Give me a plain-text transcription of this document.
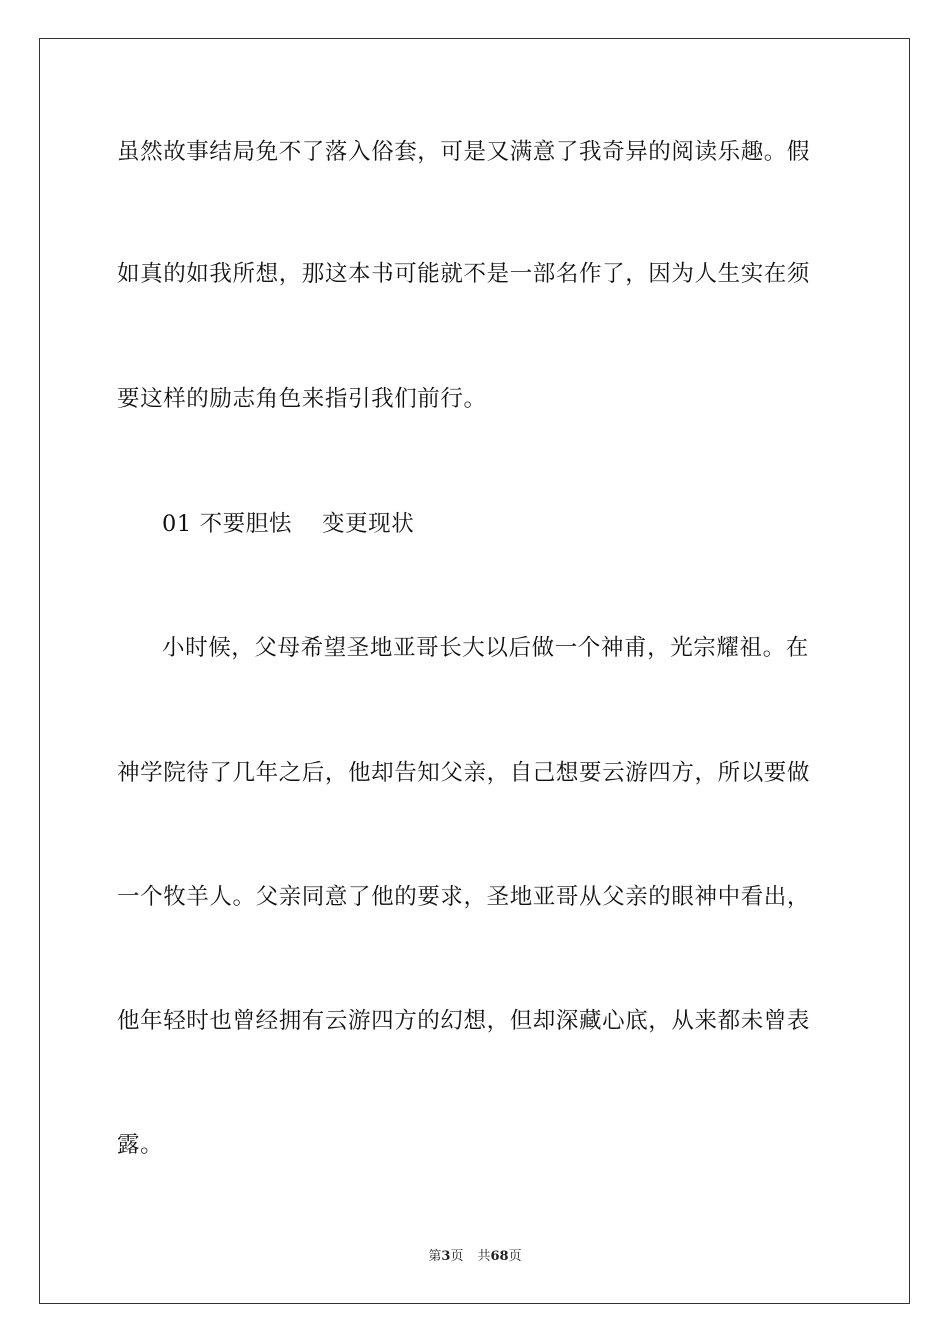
虽然故事结局免不了落入俗套，可是又满意了我奇异的阅读乐趣。假
如真的如我所想，那这本书可能就不是一部名作了，因为人生实在须
要这样的励志角色来指引我们前行。
01 不要胆怯 变更现状
小时候，父母希望圣地亚哥长大以后做一个神甫，光宗耀祖。在
神学院待了几年之后，他却告知父亲，自己想要云游四方，所以要做
一个牧羊人。父亲同意了他的要求，圣地亚哥从父亲的眼神中看出，
他年轻时也曾经拥有云游四方的幻想，但却深藏心底，从来都未曾表
露。
第3页 共68页
